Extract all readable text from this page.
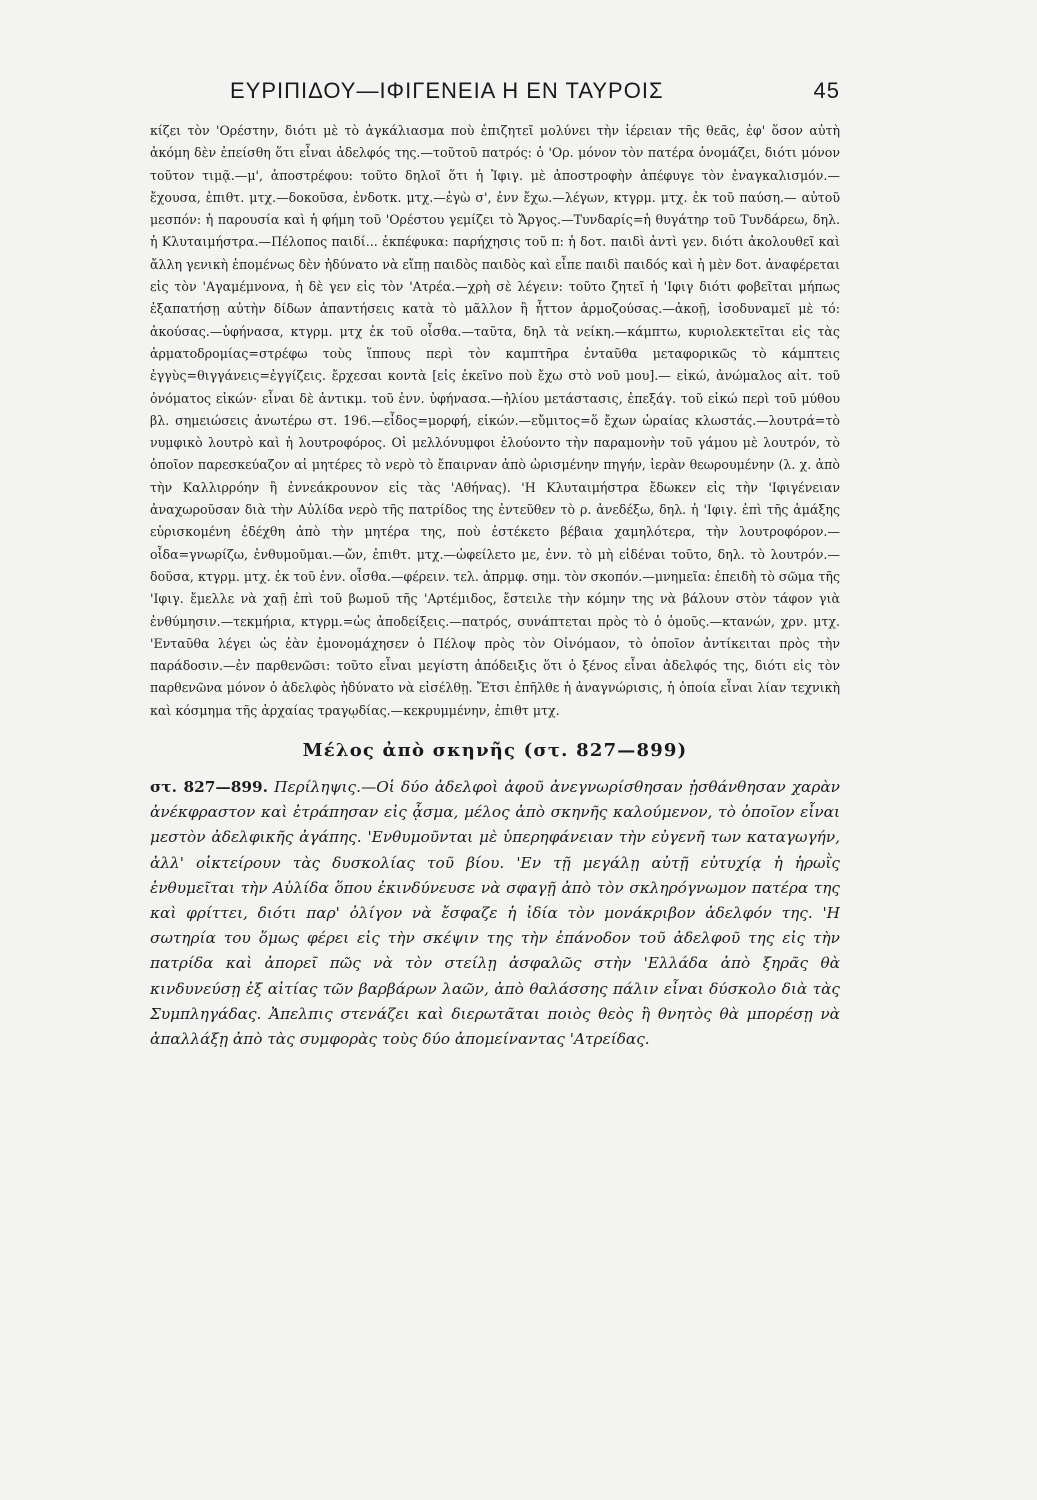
ΕΥΡΙΠΙΔΟΥ—ΙΦΙΓΕΝΕΙΑ Η ΕΝ ΤΑΥΡΟΙΣ	45
κίζει τὸν 'Ορέστην, διότι μὲ τὸ ἀγκάλιασμα ποὺ ἐπιζητεῖ μολύνει τὴν ἱέρειαν τῆς θεᾶς, ἐφ' ὅσον αὐτὴ ἀκόμη δὲν ἐπείσθη ὅτι εἶναι ἀδελφός της.—τοῦτοῦ πατρός: ὁ 'Ορ. μόνον τὸν πατέρα ὀνομάζει, διότι μόνον τοῦτον τιμᾷ.—μ', ἀποστρέφου: τοῦτο δηλοῖ ὅτι ἡ Ἰφιγ. μὲ ἀποστροφὴν ἀπέφυγε τὸν ἐναγκαλισμόν.—ἔχουσα, ἐπιθτ. μτχ.—δοκοῦσα, ἐνδοτκ. μτχ.—ἐγὼ σ', ἐνν ἔχω.—λέγων, κτγρμ. μτχ. ἐκ τοῦ παύση.— αὐτοῦ μεσπόν: ἡ παρουσία καὶ ἡ φήμη τοῦ 'Ορέστου γεμίζει τὸ Ἄργος.—Τυνδαρίς=ἡ θυγάτηρ τοῦ Τυνδάρεω, δηλ. ἡ Κλυταιμήστρα.—Πέλοπος παιδί... ἐκπέφυκα: παρήχησις τοῦ π: ἡ δοτ. παιδὶ ἀντὶ γεν. διότι ἀκολουθεῖ καὶ ἄλλη γενικὴ ἑπομένως δὲν ἠδύνατο νὰ εἴπῃ παιδὸς παιδὸς καὶ εἶπε παιδὶ παιδός καὶ ἡ μὲν δοτ. ἀναφέρεται εἰς τὸν 'Αγαμέμνονα, ἡ δὲ γεν εἰς τὸν 'Ατρέα.—χρὴ σὲ λέγειν: τοῦτο ζητεῖ ἡ 'Ιφιγ διότι φοβεῖται μήπως ἐξαπατήσῃ αὐτὴν δίδων ἀπαντήσεις κατὰ τὸ μᾶλλον ἢ ἧττον ἁρμοζούσας.—ἀκοῇ, ἰσοδυναμεῖ μὲ τό: ἀκούσας.—ὑφήνασα, κτγρμ. μτχ ἐκ τοῦ οἶσθα.—ταῦτα, δηλ τὰ νείκη.—κάμπτω, κυριολεκτεῖται εἰς τὰς ἁρματοδρομίας=στρέφω τοὺς ἵππους περὶ τὸν καμπτῆρα ἐνταῦθα μεταφορικῶς τὸ κάμπτεις ἐγγὺς=θιγγάνεις=ἐγγίζεις. ἔρχεσαι κοντὰ [εἰς ἐκεῖνο ποὺ ἔχω στὸ νοῦ μου].— εἰκώ, ἀνώμαλος αἰτ. τοῦ ὀνόματος εἰκών· εἶναι δὲ ἀντικμ. τοῦ ἐνν. ὑφήνασα.—ἡλίου μετάστασις, ἐπεξάγ. τοῦ εἰκώ περὶ τοῦ μύθου βλ. σημειώσεις ἀνωτέρω στ. 196.—εἶδος=μορφή, εἰκών.—εὔμιτος=ὅ ἔχων ὡραίας κλωστάς.—λουτρά=τὸ νυμφικὸ λουτρὸ καὶ ἡ λουτροφόρος. Οἱ μελλόνυμφοι ἐλούοντο τὴν παραμονὴν τοῦ γάμου μὲ λουτρόν, τὸ ὁποῖον παρεσκεύαζον αἱ μητέρες τὸ νερὸ τὸ ἔπαιρναν ἀπὸ ὡρισμένην πηγήν, ἱερὰν θεωρουμένην (λ. χ. ἀπὸ τὴν Καλλιρρόην ἢ ἐννεάκρουνον εἰς τὰς 'Αθήνας). 'Η Κλυταιμήστρα ἔδωκεν εἰς τὴν 'Ιφιγένειαν ἀναχωροῦσαν διὰ τὴν Αὐλίδα νερὸ τῆς πατρίδος της ἐντεῦθεν τὸ ρ. ἀνεδέξω, δηλ. ἡ 'Ιφιγ. ἐπὶ τῆς ἁμάξης εὑρισκομένη ἐδέχθη ἀπὸ τὴν μητέρα της, ποὺ ἐστέκετο βέβαια χαμηλότερα, τὴν λουτροφόρον.—οἶδα=γνωρίζω, ἐνθυμοῦμαι.—ὤν, ἐπιθτ. μτχ.—ὠφείλετο με, ἐνν. τὸ μὴ εἰδέναι τοῦτο, δηλ. τὸ λουτρόν.—δοῦσα, κτγρμ. μτχ. ἐκ τοῦ ἐνν. οἶσθα.—φέρειν. τελ. ἀπρμφ. σημ. τὸν σκοπόν.—μνημεῖα: ἐπειδὴ τὸ σῶμα τῆς 'Ιφιγ. ἔμελλε νὰ χαῇ ἐπὶ τοῦ βωμοῦ τῆς 'Αρτέμιδος, ἔστειλε τὴν κόμην της νὰ βάλουν στὸν τάφον γιὰ ἐνθύμησιν.—τεκμήρια, κτγρμ.=ὡς ἀποδείξεις.—πατρός, συνάπτεται πρὸς τὸ ὁ ὁμοῦς.—κτανών, χρν. μτχ. 'Ενταῦθα λέγει ὡς ἐὰν ἐμονομάχησεν ὁ Πέλοψ πρὸς τὸν Οἰνόμαον, τὸ ὁποῖον ἀντίκειται πρὸς τὴν παράδοσιν.—ἐν παρθενῶσι: τοῦτο εἶναι μεγίστη ἀπόδειξις ὅτι ὁ ξένος εἶναι ἀδελφός της, διότι εἰς τὸν παρθενῶνα μόνον ὁ ἀδελφὸς ἠδύνατο νὰ εἰσέλθῃ. Ἔτσι ἐπῆλθε ἡ ἀναγνώρισις, ἡ ὁποία εἶναι λίαν τεχνικὴ καὶ κόσμημα τῆς ἀρχαίας τραγῳδίας.—κεκρυμμένην, ἐπιθτ μτχ.
Μέλος ἀπὸ σκηνῆς (στ. 827—899)
στ. 827—899. Περίληψις.—Οἱ δύο ἀδελφοὶ ἀφοῦ ἀνεγνωρίσθησαν ᾐσθάνθησαν χαρὰν ἀνέκφραστον καὶ ἐτράπησαν εἰς ᾆσμα, μέλος ἀπὸ σκηνῆς καλούμενον, τὸ ὁποῖον εἶναι μεστὸν ἀδελφικῆς ἀγάπης. 'Ενθυμοῦνται μὲ ὑπερηφάνειαν τὴν εὐγενῆ των καταγωγήν, ἀλλ' οἰκτείρουν τὰς δυσκολίας τοῦ βίου. 'Εν τῇ μεγάλῃ αὐτῇ εὐτυχίᾳ ἡ ἡρωῒς ἐνθυμεῖται τὴν Αὐλίδα ὅπου ἐκινδύνευσε νὰ σφαγῇ ἀπὸ τὸν σκληρόγνωμον πατέρα της καὶ φρίττει, διότι παρ' ὀλίγον νὰ ἔσφαζε ἡ ἰδία τὸν μονάκριβον ἀδελφόν της. 'Η σωτηρία του ὅμως φέρει εἰς τὴν σκέψιν της τὴν ἐπάνοδον τοῦ ἀδελφοῦ της εἰς τὴν πατρίδα καὶ ἀπορεῖ πῶς νὰ τὸν στείλῃ ἀσφαλῶς στὴν 'Ελλάδα ἀπὸ ξηρᾶς θὰ κινδυνεύσῃ ἐξ αἰτίας τῶν βαρβάρων λαῶν, ἀπὸ θαλάσσης πάλιν εἶναι δύσκολο διὰ τὰς Συμπληγάδας. Ἀπελπις στενάζει καὶ διερωτᾶται ποιὸς θεὸς ἢ θνητὸς θὰ μπορέσῃ νὰ ἀπαλλάξῃ ἀπὸ τὰς συμφορὰς τοὺς δύο ἀπομείναντας 'Ατρείδας.
